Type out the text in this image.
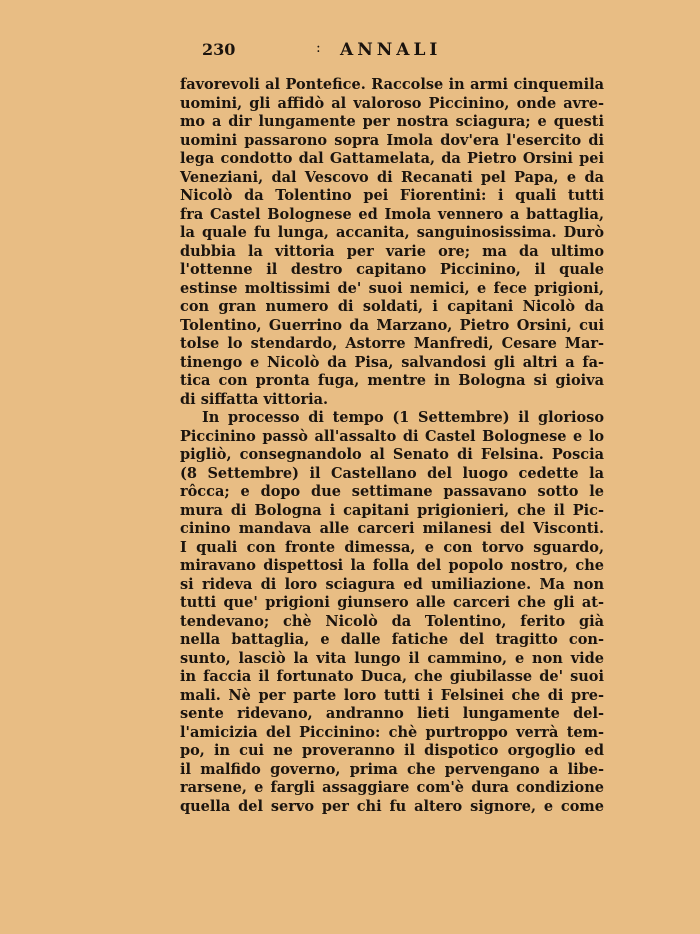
230	: ANNALI
favorevoli al Pontefice. Raccolse in armi cinquemila
uomini, gli affidò al valoroso Piccinino, onde avre-
mo a dir lungamente per nostra sciagura; e questi
uomini passarono sopra Imola dov'era l'esercito di
lega condotto dal Gattamelata, da Pietro Orsini pei
Veneziani, dal Vescovo di Recanati pel Papa, e da
Nicolò da Tolentino pei Fiorentini: i quali tutti
fra Castel Bolognese ed Imola vennero a battaglia,
la quale fu lunga, accanita, sanguinosissima. Durò
dubbia la vittoria per varie ore; ma da ultimo
l'ottenne il destro capitano Piccinino, il quale
estinse moltissimi de' suoi nemici, e fece prigioni,
con gran numero di soldati, i capitani Nicolò da
Tolentino, Guerrino da Marzano, Pietro Orsini, cui
tolse lo stendardo, Astorre Manfredi, Cesare Mar-
tinengo e Nicolò da Pisa, salvandosi gli altri a fa-
tica con pronta fuga, mentre in Bologna si gioiva
di siffatta vittoria.
In processo di tempo (1 Settembre) il glorioso
Piccinino passò all'assalto di Castel Bolognese e lo
pigliò, consegnandolo al Senato di Felsina. Poscia
(8 Settembre) il Castellano del luogo cedette la
rôcca; e dopo due settimane passavano sotto le
mura di Bologna i capitani prigionieri, che il Pic-
cinino mandava alle carceri milanesi del Visconti.
I quali con fronte dimessa, e con torvo sguardo,
miravano dispettosi la folla del popolo nostro, che
si rideva di loro sciagura ed umiliazione. Ma non
tutti que' prigioni giunsero alle carceri che gli at-
tendevano; chè Nicolò da Tolentino, ferito già
nella battaglia, e dalle fatiche del tragitto con-
sunto, lasciò la vita lungo il cammino, e non vide
in faccia il fortunato Duca, che giubilasse de' suoi
mali. Nè per parte loro tutti i Felsinei che di pre-
sente ridevano, andranno lieti lungamente del-
l'amicizia del Piccinino: chè purtroppo verrà tem-
po, in cui ne proveranno il dispotico orgoglio ed
il malfido governo, prima che pervengano a libe-
rarsene, e fargli assaggiare com'è dura condizione
quella del servo per chi fu altero signore, e come
